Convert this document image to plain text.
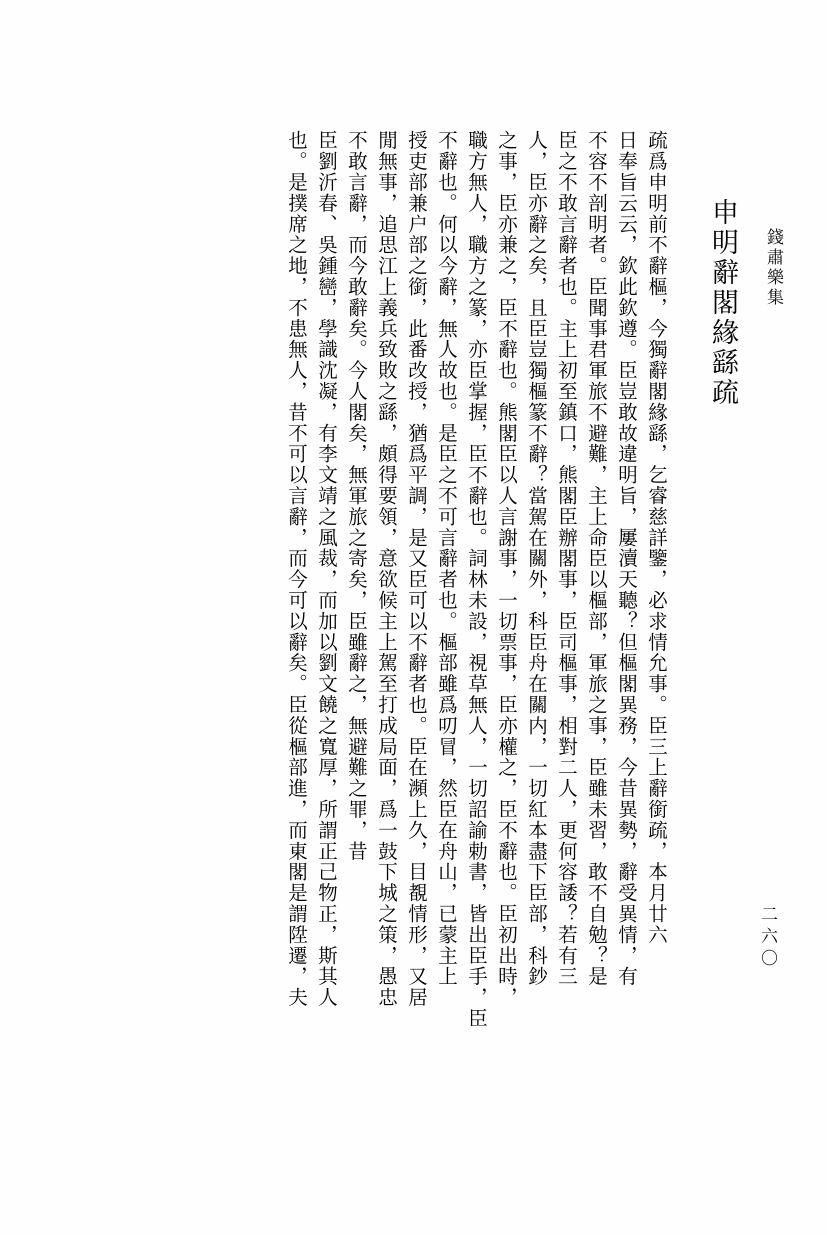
錢肅樂集
二六〇
申明辭閣緣繇疏
疏爲申明前不辭樞，今獨辭閣緣繇，乞睿慈詳鑒，必求情允事。臣三上辭銜疏，本月廿六
日奉旨云云，欽此欽遵。臣豈敢故違明旨，屢瀆天聽？但樞閣異務，今昔異勢，辭受異情，有
不容不剖明者。臣聞事君軍旅不避難，主上命臣以樞部，軍旅之事，臣雖未習，敢不自勉？是
臣之不敢言辭者也。主上初至鎮口，熊閣臣辦閣事，臣司樞事，相對二人，更何容諉？若有三
人，臣亦辭之矣，且臣豈獨樞篆不辭？當駕在關外，科臣舟在關内，一切紅本盡下臣部，科鈔
之事，臣亦兼之，臣不辭也。熊閣臣以人言謝事，一切票事，臣亦權之，臣不辭也。臣初出時，
職方無人，職方之篆，亦臣掌握，臣不辭也。詞林未設，視草無人，一切詔諭勅書，皆出臣手，臣
不辭也。何以今辭，無人故也。是臣之不可言辭者也。樞部雖爲叨冒，然臣在舟山，已蒙主上
授吏部兼户部之銜，此番改授，猶爲平調，是又臣可以不辭者也。臣在瀕上久，目覩情形，又居
閒無事，追思江上義兵致敗之繇，頗得要領，意欲候主上駕至打成局面，爲一鼓下城之策，愚忠
不敢言辭，而今敢辭矣。今人閣矣，無軍旅之寄矣，臣雖辭之，無避難之罪，昔
臣劉沂春、吳鍾巒，學識沈凝，有李文靖之風裁，而加以劉文饒之寬厚，所謂正己物正，斯其人
也。是撲席之地，不患無人，昔不可以言辭，而今可以辭矣。臣從樞部進，而東閣是謂陞遷，夫
